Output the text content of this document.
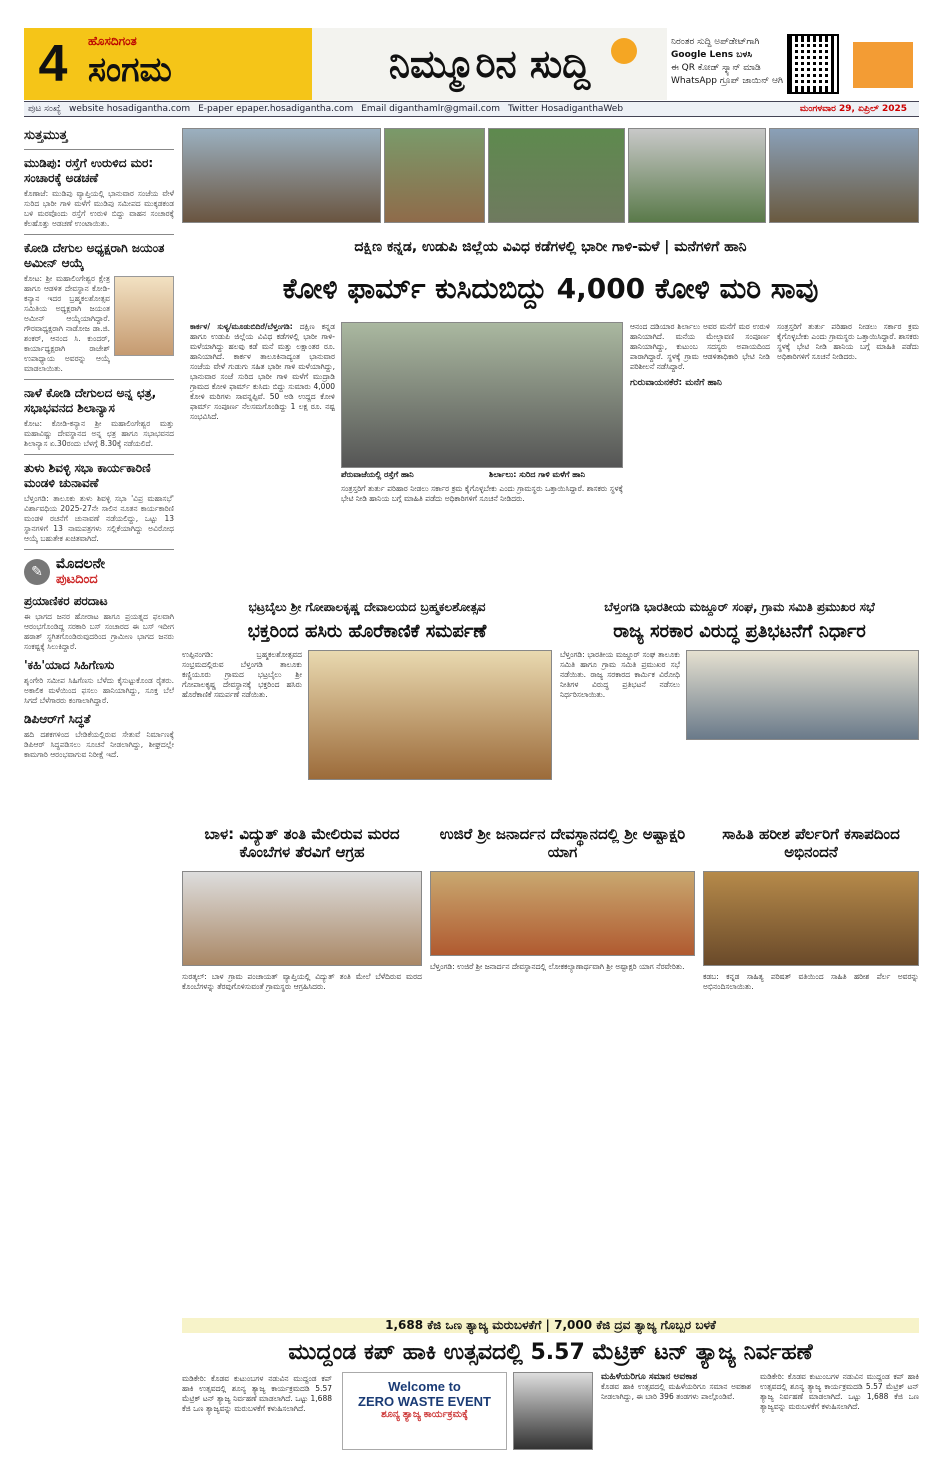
4	ಹೊಸದಿಗಂತ
ಸಂಗಮ	ನಿಮ್ಮೂರಿನ ಸುದ್ದಿ	ನಿರಂತರ ಸುದ್ದಿ ಅಪ್‌ಡೇಟ್‌ಗಾಗಿ
Google Lens ಬಳಸಿ
ಈ QR ಕೋಡ್ ಸ್ಕ್ಯಾನ್ ಮಾಡಿ
WhatsApp ಗ್ರೂಪ್ ಜಾಯಿನ್ ಆಗಿ
ಪುಟ ಸಂಖ್ಯೆ website hosadigantha.com E-paper epaper.hosadigantha.com Email diganthamlr@gmail.com Twitter HosadiganthaWeb	ಮಂಗಳವಾರ 29, ಏಪ್ರಿಲ್ 2025
ಸುತ್ತಮುತ್ತ
ಮುಡಿಪು: ರಸ್ತೆಗೆ ಉರುಳಿದ ಮರ: ಸಂಚಾರಕ್ಕೆ ಅಡಚಣೆ
ಕೊಣಾಜೆ: ಮುಡಿಪು ವ್ಯಾಪ್ತಿಯಲ್ಲಿ ಭಾನುವಾರ ಸಂಜೆಯ ವೇಳೆ ಸುರಿದ ಭಾರೀ ಗಾಳಿ ಮಳೆಗೆ ಮುಡಿಪು ಸಮೀಪದ ಮುಕ್ಕಡಕಂಡ ಬಳಿ ಮರವೊಂದು ರಸ್ತೆಗೆ ಉರುಳಿ ಬಿದ್ದು ವಾಹನ ಸಂಚಾರಕ್ಕೆ ಕೆಲಹೊತ್ತು ಅಡಚಣೆ ಉಂಟಾಯಿತು.
ಕೋಡಿ ದೇಗುಲ ಅಧ್ಯಕ್ಷರಾಗಿ ಜಯಂತ ಅಮೀನ್ ಆಯ್ಕೆ
ಕೋಟ: ಶ್ರೀ ಮಹಾಲಿಂಗೇಶ್ವರ ಕ್ಷೇತ್ರ ಹಾಗೂ ಆಡಳಿತ ದೇವಸ್ಥಾನ ಕೋಡಿ-ಕನ್ಯಾನ ಇದರ ಬ್ರಹ್ಮಕಲಶೋತ್ಸವ ಸಮಿತಿಯ ಅಧ್ಯಕ್ಷರಾಗಿ ಜಯಂತ ಅಮೀನ್ ಆಯ್ಕೆಯಾಗಿದ್ದಾರೆ. ಗೌರವಾಧ್ಯಕ್ಷರಾಗಿ ನಾಡೋಜ ಡಾ.ಜಿ. ಶಂಕರ್, ಆನಂದ ಸಿ. ಕುಂದರ್, ಕಾರ್ಯಾಧ್ಯಕ್ಷರಾಗಿ ರಾಜೇಶ್ ಉಪಾಧ್ಯಾಯ ಅವರನ್ನು ಆಯ್ಕೆ ಮಾಡಲಾಯಿತು.
ನಾಳೆ ಕೋಡಿ ದೇಗುಲದ ಅನ್ನ ಛತ್ರ, ಸಭಾಭವನದ ಶಿಲಾನ್ಯಾಸ
ಕೋಟ: ಕೋಡಿ-ಕನ್ಯಾನ ಶ್ರೀ ಮಹಾಲಿಂಗೇಶ್ವರ ಮತ್ತು ಮಹಾವಿಷ್ಣು ದೇವಸ್ಥಾನದ ಅನ್ನ ಛತ್ರ ಹಾಗೂ ಸಭಾಭವನದ ಶಿಲಾನ್ಯಾಸ ಏ.30ರಂದು ಬೆಳಗ್ಗೆ 8.30ಕ್ಕೆ ನಡೆಯಲಿದೆ.
ತುಳು ಶಿವಳ್ಳಿ ಸಭಾ ಕಾರ್ಯಕಾರಿಣಿ ಮಂಡಳಿ ಚುನಾವಣೆ
ಬೆಳ್ತಂಗಡಿ: ತಾಲೂಕು ತುಳು ಶಿವಳ್ಳಿ ಸಭಾ 'ವಿಪ್ರ ಮಹಾಸಭೆ' ವಿರ್ಶಾವಧಿಯ 2025-27ನೇ ಸಾಲಿನ ನೂತನ ಕಾರ್ಯಕಾರಿಣಿ ಮಂಡಳಿ ರಚನೆಗೆ ಚುನಾವಣೆ ನಡೆಯಲಿದ್ದು, ಒಟ್ಟು 13 ಸ್ಥಾನಗಳಿಗೆ 13 ನಾಮಪತ್ರಗಳು ಸಲ್ಲಿಕೆಯಾಗಿದ್ದು ಅವಿರೋಧ ಆಯ್ಕೆ ಬಹುತೇಕ ಖಚಿತವಾಗಿದೆ.
✎ ಮೊದಲನೇ
ಪುಟದಿಂದ
ಪ್ರಯಾಣಿಕರ ಪರದಾಟ
ಈ ಭಾಗದ ಜನರ ಹೋರಾಟ ಹಾಗೂ ಪ್ರಯತ್ನದ ಫಲವಾಗಿ ಆರಂಭಗೊಂಡಿದ್ದ ಸರಕಾರಿ ಬಸ್ ಸಂಚಾರದ ಈ ಬಸ್ ಇದೀಗ ಹಠಾತ್ ಸ್ಥಗಿತಗೊಂಡಿರುವುದರಿಂದ ಗ್ರಾಮೀಣ ಭಾಗದ ಜನರು ಸಂಕಷ್ಟಕ್ಕೆ ಸಿಲುಕಿದ್ದಾರೆ.
'ಕಹಿ'ಯಾದ ಸಿಹಿಗೆಣಸು
ಶೃಂಗೇರಿ ಸಮೀಪ ಸಿಹಿಗೆಣಸು ಬೆಳೆದು ಕೈಸುಟ್ಟುಕೊಂಡ ರೈತರು. ಅಕಾಲಿಕ ಮಳೆಯಿಂದ ಫಸಲು ಹಾನಿಯಾಗಿದ್ದು, ಸೂಕ್ತ ಬೆಲೆ ಸಿಗದೆ ಬೆಳೆಗಾರರು ಕಂಗಾಲಾಗಿದ್ದಾರೆ.
ಡಿಪಿಆರ್‌ಗೆ ಸಿದ್ಧತೆ
ಹದಿ ದಶಕಗಳಿಂದ ಬೇಡಿಕೆಯಲ್ಲಿರುವ ಸೇತುವೆ ನಿರ್ಮಾಣಕ್ಕೆ ಡಿಪಿಆರ್ ಸಿದ್ಧಪಡಿಸಲು ಸೂಚನೆ ನೀಡಲಾಗಿದ್ದು, ಶೀಘ್ರದಲ್ಲೇ ಕಾಮಗಾರಿ ಆರಂಭವಾಗುವ ನಿರೀಕ್ಷೆ ಇದೆ.
ದಕ್ಷಿಣ ಕನ್ನಡ, ಉಡುಪಿ ಜಿಲ್ಲೆಯ ವಿವಿಧ ಕಡೆಗಳಲ್ಲಿ ಭಾರೀ ಗಾಳಿ-ಮಳೆ | ಮನೆಗಳಿಗೆ ಹಾನಿ
ಕೋಳಿ ಫಾರ್ಮ್ ಕುಸಿದುಬಿದ್ದು 4,000 ಕೋಳಿ ಮರಿ ಸಾವು
ಕಾರ್ಕಳ/ ಸುಳ್ಯ/ಮೂಡುಬಿದಿರೆ/ಬೆಳ್ತಂಗಡಿ: ದಕ್ಷಿಣ ಕನ್ನಡ ಹಾಗೂ ಉಡುಪಿ ಜಿಲ್ಲೆಯ ವಿವಿಧ ಕಡೆಗಳಲ್ಲಿ ಭಾರೀ ಗಾಳಿ-ಮಳೆಯಾಗಿದ್ದು ಹಲವು ಕಡೆ ಮನೆ ಮತ್ತು ಲಕ್ಷಾಂತರ ರೂ. ಹಾನಿಯಾಗಿದೆ. ಕಾರ್ಕಳ ತಾಲೂಕಿನಾದ್ಯಂತ ಭಾನುವಾರ ಸಂಜೆಯ ವೇಳೆ ಗುಡುಗು ಸಹಿತ ಭಾರೀ ಗಾಳಿ ಮಳೆಯಾಗಿದ್ದು, ಭಾನುವಾರ ಸಂಜೆ ಸುರಿದ ಭಾರೀ ಗಾಳಿ ಮಳೆಗೆ ಮುದ್ರಾಡಿ ಗ್ರಾಮದ ಕೋಳಿ ಫಾರ್ಮ್ ಕುಸಿದು ಬಿದ್ದು ಸುಮಾರು 4,000 ಕೋಳಿ ಮರಿಗಳು ಸಾವನ್ನಪ್ಪಿವೆ. 50 ಅಡಿ ಉದ್ದದ ಕೋಳಿ ಫಾರ್ಮ್ ಸಂಪೂರ್ಣ ನೆಲಸಮಗೊಂಡಿದ್ದು 1 ಲಕ್ಷ ರೂ. ನಷ್ಟ ಸಂಭವಿಸಿದೆ.
ಪೆರುವಾಜೆಯಲ್ಲಿ ರಸ್ತೆಗೆ ಹಾನಿ	ಶಿರ್ಲಾಲು: ಸುರಿದ ಗಾಳಿ ಮಳೆಗೆ ಹಾನಿ
ಸಂತ್ರಸ್ತರಿಗೆ ತುರ್ತು ಪರಿಹಾರ ನೀಡಲು ಸರ್ಕಾರ ಕ್ರಮ ಕೈಗೊಳ್ಳಬೇಕು ಎಂದು ಗ್ರಾಮಸ್ಥರು ಒತ್ತಾಯಿಸಿದ್ದಾರೆ. ಶಾಸಕರು ಸ್ಥಳಕ್ಕೆ ಭೇಟಿ ನೀಡಿ ಹಾನಿಯ ಬಗ್ಗೆ ಮಾಹಿತಿ ಪಡೆದು ಅಧಿಕಾರಿಗಳಿಗೆ ಸೂಚನೆ ನೀಡಿದರು.
ಆನಂದ ದಡಿಯಾರ ಶಿರ್ಲಾಲು ಅವರ ಮನೆಗೆ ಮರ ಉರುಳಿ ಹಾನಿಯಾಗಿದೆ. ಮನೆಯ ಮೇಲ್ಛಾವಣಿ ಸಂಪೂರ್ಣ ಹಾನಿಯಾಗಿದ್ದು, ಕುಟುಂಬ ಸದಸ್ಯರು ಅಪಾಯದಿಂದ ಪಾರಾಗಿದ್ದಾರೆ. ಸ್ಥಳಕ್ಕೆ ಗ್ರಾಮ ಆಡಳಿತಾಧಿಕಾರಿ ಭೇಟಿ ನೀಡಿ ಪರಿಶೀಲನೆ ನಡೆಸಿದ್ದಾರೆ.
ಗುರುವಾಯನಕೆರೆ: ಮನೆಗೆ ಹಾನಿ
ಸಂತ್ರಸ್ತರಿಗೆ ತುರ್ತು ಪರಿಹಾರ ನೀಡಲು ಸರ್ಕಾರ ಕ್ರಮ ಕೈಗೊಳ್ಳಬೇಕು ಎಂದು ಗ್ರಾಮಸ್ಥರು ಒತ್ತಾಯಿಸಿದ್ದಾರೆ. ಶಾಸಕರು ಸ್ಥಳಕ್ಕೆ ಭೇಟಿ ನೀಡಿ ಹಾನಿಯ ಬಗ್ಗೆ ಮಾಹಿತಿ ಪಡೆದು ಅಧಿಕಾರಿಗಳಿಗೆ ಸೂಚನೆ ನೀಡಿದರು.
ಭಟ್ರಬೈಲು ಶ್ರೀ ಗೋಪಾಲಕೃಷ್ಣ ದೇವಾಲಯದ ಬ್ರಹ್ಮಕಲಶೋತ್ಸವ
ಭಕ್ತರಿಂದ ಹಸಿರು ಹೊರೆಕಾಣಿಕೆ ಸಮರ್ಪಣೆ
ಉಪ್ಪಿನಂಗಡಿ: ಬ್ರಹ್ಮಕಲಶೋತ್ಸವದ ಸಂಭ್ರಮದಲ್ಲಿರುವ ಬೆಳ್ತಂಗಡಿ ತಾಲೂಕು ಕಣ್ಣಿಯೂರು ಗ್ರಾಮದ ಭಟ್ರಬೈಲು ಶ್ರೀ ಗೋಪಾಲಕೃಷ್ಣ ದೇವಸ್ಥಾನಕ್ಕೆ ಭಕ್ತರಿಂದ ಹಸಿರು ಹೊರೆಕಾಣಿಕೆ ಸಮರ್ಪಣೆ ನಡೆಯಿತು.
ಬೆಳ್ತಂಗಡಿ ಭಾರತೀಯ ಮಜ್ದೂರ್ ಸಂಘ, ಗ್ರಾಮ ಸಮಿತಿ ಪ್ರಮುಖರ ಸಭೆ
ರಾಜ್ಯ ಸರಕಾರ ವಿರುದ್ಧ ಪ್ರತಿಭಟನೆಗೆ ನಿರ್ಧಾರ
ಬೆಳ್ತಂಗಡಿ: ಭಾರತೀಯ ಮಜ್ದೂರ್ ಸಂಘ ತಾಲೂಕು ಸಮಿತಿ ಹಾಗೂ ಗ್ರಾಮ ಸಮಿತಿ ಪ್ರಮುಖರ ಸಭೆ ನಡೆಯಿತು. ರಾಜ್ಯ ಸರಕಾರದ ಕಾರ್ಮಿಕ ವಿರೋಧಿ ನೀತಿಗಳ ವಿರುದ್ಧ ಪ್ರತಿಭಟನೆ ನಡೆಸಲು ನಿರ್ಧರಿಸಲಾಯಿತು.
ಬಾಳ: ವಿದ್ಯುತ್ ತಂತಿ ಮೇಲಿರುವ ಮರದ ಕೊಂಬೆಗಳ ತೆರವಿಗೆ ಆಗ್ರಹ
ಸುರತ್ಕಲ್: ಬಾಳ ಗ್ರಾಮ ಪಂಚಾಯತ್ ವ್ಯಾಪ್ತಿಯಲ್ಲಿ ವಿದ್ಯುತ್ ತಂತಿ ಮೇಲೆ ಬೆಳೆದಿರುವ ಮರದ ಕೊಂಬೆಗಳನ್ನು ತೆರವುಗೊಳಿಸುವಂತೆ ಗ್ರಾಮಸ್ಥರು ಆಗ್ರಹಿಸಿದರು.
ಉಜಿರೆ ಶ್ರೀ ಜನಾರ್ದನ ದೇವಸ್ಥಾನದಲ್ಲಿ ಶ್ರೀ ಅಷ್ಟಾಕ್ಷರಿ ಯಾಗ
ಬೆಳ್ತಂಗಡಿ: ಉಜಿರೆ ಶ್ರೀ ಜನಾರ್ದನ ದೇವಸ್ಥಾನದಲ್ಲಿ ಲೋಕಕಲ್ಯಾಣಾರ್ಥವಾಗಿ ಶ್ರೀ ಅಷ್ಟಾಕ್ಷರಿ ಯಾಗ ನೆರವೇರಿತು.
ಸಾಹಿತಿ ಹರೀಶ ಪೆರ್ಲರಿಗೆ ಕಸಾಪದಿಂದ ಅಭಿನಂದನೆ
ಕಡಬ: ಕನ್ನಡ ಸಾಹಿತ್ಯ ಪರಿಷತ್ ವತಿಯಿಂದ ಸಾಹಿತಿ ಹರೀಶ ಪೆರ್ಲ ಅವರನ್ನು ಅಭಿನಂದಿಸಲಾಯಿತು.
1,688 ಕೆಜಿ ಒಣ ತ್ಯಾಜ್ಯ ಮರುಬಳಕೆಗೆ | 7,000 ಕೆಜಿ ದ್ರವ ತ್ಯಾಜ್ಯ ಗೊಬ್ಬರ ಬಳಕೆ
ಮುದ್ದಂಡ ಕಪ್ ಹಾಕಿ ಉತ್ಸವದಲ್ಲಿ 5.57 ಮೆಟ್ರಿಕ್ ಟನ್ ತ್ಯಾಜ್ಯ ನಿರ್ವಹಣೆ
ಮಡಿಕೇರಿ: ಕೊಡವ ಕುಟುಂಬಗಳ ನಡುವಿನ ಮುದ್ದಂಡ ಕಪ್ ಹಾಕಿ ಉತ್ಸವದಲ್ಲಿ ಶೂನ್ಯ ತ್ಯಾಜ್ಯ ಕಾರ್ಯಕ್ರಮದಡಿ 5.57 ಮೆಟ್ರಿಕ್ ಟನ್ ತ್ಯಾಜ್ಯ ನಿರ್ವಹಣೆ ಮಾಡಲಾಗಿದೆ. ಒಟ್ಟು 1,688 ಕೆಜಿ ಒಣ ತ್ಯಾಜ್ಯವನ್ನು ಮರುಬಳಕೆಗೆ ಕಳುಹಿಸಲಾಗಿದೆ.
Welcome to
ZERO WASTE EVENT
ಶೂನ್ಯ ತ್ಯಾಜ್ಯ ಕಾರ್ಯಕ್ರಮಕ್ಕೆ
ಮಹಿಳೆಯರಿಗೂ ಸಮಾನ ಅವಕಾಶ
ಕೊಡವ ಹಾಕಿ ಉತ್ಸವದಲ್ಲಿ ಮಹಿಳೆಯರಿಗೂ ಸಮಾನ ಅವಕಾಶ ನೀಡಲಾಗಿದ್ದು, ಈ ಬಾರಿ 396 ತಂಡಗಳು ಪಾಲ್ಗೊಂಡಿವೆ.
ಮಡಿಕೇರಿ: ಕೊಡವ ಕುಟುಂಬಗಳ ನಡುವಿನ ಮುದ್ದಂಡ ಕಪ್ ಹಾಕಿ ಉತ್ಸವದಲ್ಲಿ ಶೂನ್ಯ ತ್ಯಾಜ್ಯ ಕಾರ್ಯಕ್ರಮದಡಿ 5.57 ಮೆಟ್ರಿಕ್ ಟನ್ ತ್ಯಾಜ್ಯ ನಿರ್ವಹಣೆ ಮಾಡಲಾಗಿದೆ. ಒಟ್ಟು 1,688 ಕೆಜಿ ಒಣ ತ್ಯಾಜ್ಯವನ್ನು ಮರುಬಳಕೆಗೆ ಕಳುಹಿಸಲಾಗಿದೆ.
